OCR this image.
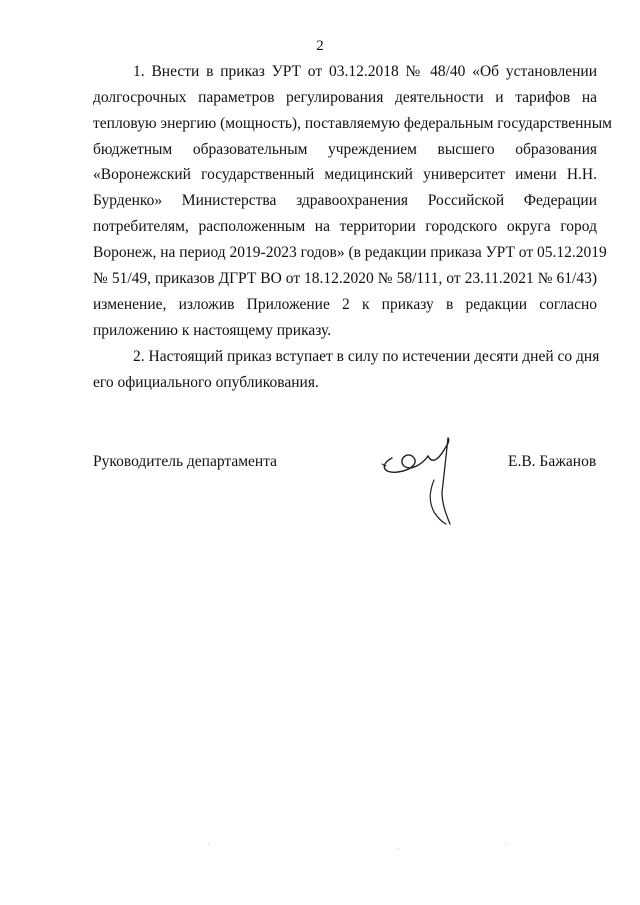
2
1. Внести в приказ УРТ от 03.12.2018 № 48/40 «Об установлении
долгосрочных параметров регулирования деятельности и тарифов на
тепловую энергию (мощность), поставляемую федеральным государственным
бюджетным образовательным учреждением высшего образования
«Воронежский государственный медицинский университет имени Н.Н.
Бурденко» Министерства здравоохранения Российской Федерации
потребителям, расположенным на территории городского округа город
Воронеж, на период 2019-2023 годов» (в редакции приказа УРТ от 05.12.2019
№ 51/49, приказов ДГРТ ВО от 18.12.2020 № 58/111, от 23.11.2021 № 61/43)
изменение, изложив Приложение 2 к приказу в редакции согласно
приложению к настоящему приказу.
2. Настоящий приказ вступает в силу по истечении десяти дней со дня
его официального опубликования.
Руководитель департамента	Е.В. Бажанов
